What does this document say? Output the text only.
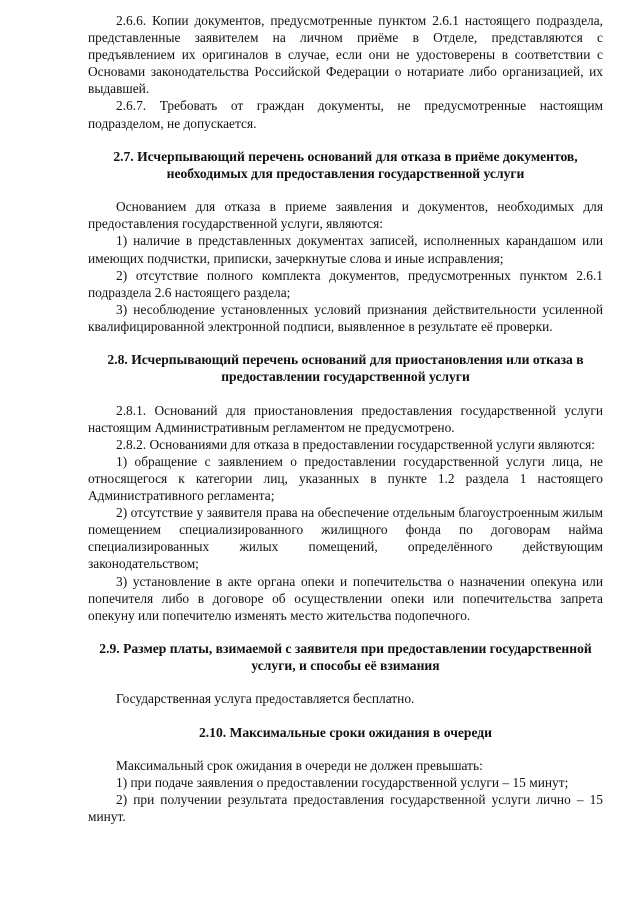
2.6.6. Копии документов, предусмотренные пунктом 2.6.1 настоящего подраздела, представленные заявителем на личном приёме в Отделе, представляются с предъявлением их оригиналов в случае, если они не удостоверены в соответствии с Основами законодательства Российской Федерации о нотариате либо организацией, их выдавшей.

2.6.7. Требовать от граждан документы, не предусмотренные настоящим подразделом, не допускается.

2.7. Исчерпывающий перечень оснований для отказа в приёме документов, необходимых для предоставления государственной услуги

Основанием для отказа в приеме заявления и документов, необходимых для предоставления государственной услуги, являются:

1) наличие в представленных документах записей, исполненных карандашом или имеющих подчистки, приписки, зачеркнутые слова и иные исправления;

2) отсутствие полного комплекта документов, предусмотренных пунктом 2.6.1 подраздела 2.6 настоящего раздела;

3) несоблюдение установленных условий признания действительности усиленной квалифицированной электронной подписи, выявленное в результате её проверки.

2.8. Исчерпывающий перечень оснований для приостановления или отказа в предоставлении государственной услуги

2.8.1. Оснований для приостановления предоставления государственной услуги настоящим Административным регламентом не предусмотрено.

2.8.2. Основаниями для отказа в предоставлении государственной услуги являются:

1) обращение с заявлением о предоставлении государственной услуги лица, не относящегося к категории лиц, указанных в пункте 1.2 раздела 1 настоящего Административного регламента;

2) отсутствие у заявителя права на обеспечение отдельным благоустроенным жилым помещением специализированного жилищного фонда по договорам найма специализированных жилых помещений, определённого действующим законодательством;

3) установление в акте органа опеки и попечительства о назначении опекуна или попечителя либо в договоре об осуществлении опеки или попечительства запрета опекуну или попечителю изменять место жительства подопечного.

2.9. Размер платы, взимаемой с заявителя при предоставлении государственной услуги, и способы её взимания

Государственная услуга предоставляется бесплатно.

2.10. Максимальные сроки ожидания в очереди

Максимальный срок ожидания в очереди не должен превышать:

1) при подаче заявления о предоставлении государственной услуги – 15 минут;

2) при получении результата предоставления государственной услуги лично – 15 минут.
